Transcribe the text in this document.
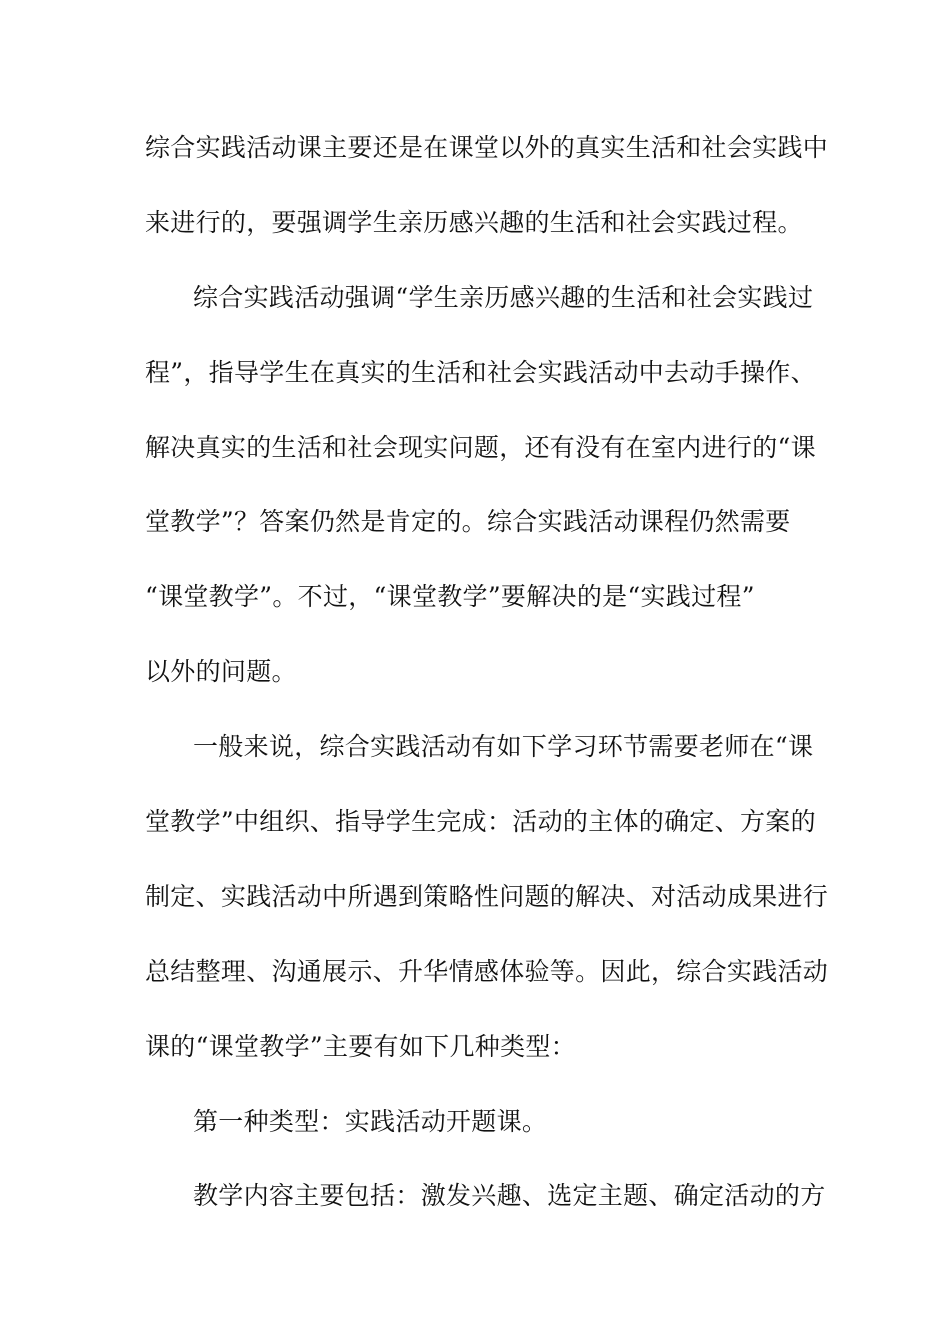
综合实践活动课主要还是在课堂以外的真实生活和社会实践中
来进行的，要强调学生亲历感兴趣的生活和社会实践过程。
综合实践活动强调“学生亲历感兴趣的生活和社会实践过
程”，指导学生在真实的生活和社会实践活动中去动手操作、
解决真实的生活和社会现实问题，还有没有在室内进行的“课
堂教学”？答案仍然是肯定的。综合实践活动课程仍然需要
“课堂教学”。不过，“课堂教学”要解决的是“实践过程”
以外的问题。
一般来说，综合实践活动有如下学习环节需要老师在“课
堂教学”中组织、指导学生完成：活动的主体的确定、方案的
制定、实践活动中所遇到策略性问题的解决、对活动成果进行
总结整理、沟通展示、升华情感体验等。因此，综合实践活动
课的“课堂教学”主要有如下几种类型：
第一种类型：实践活动开题课。
教学内容主要包括：激发兴趣、选定主题、确定活动的方
